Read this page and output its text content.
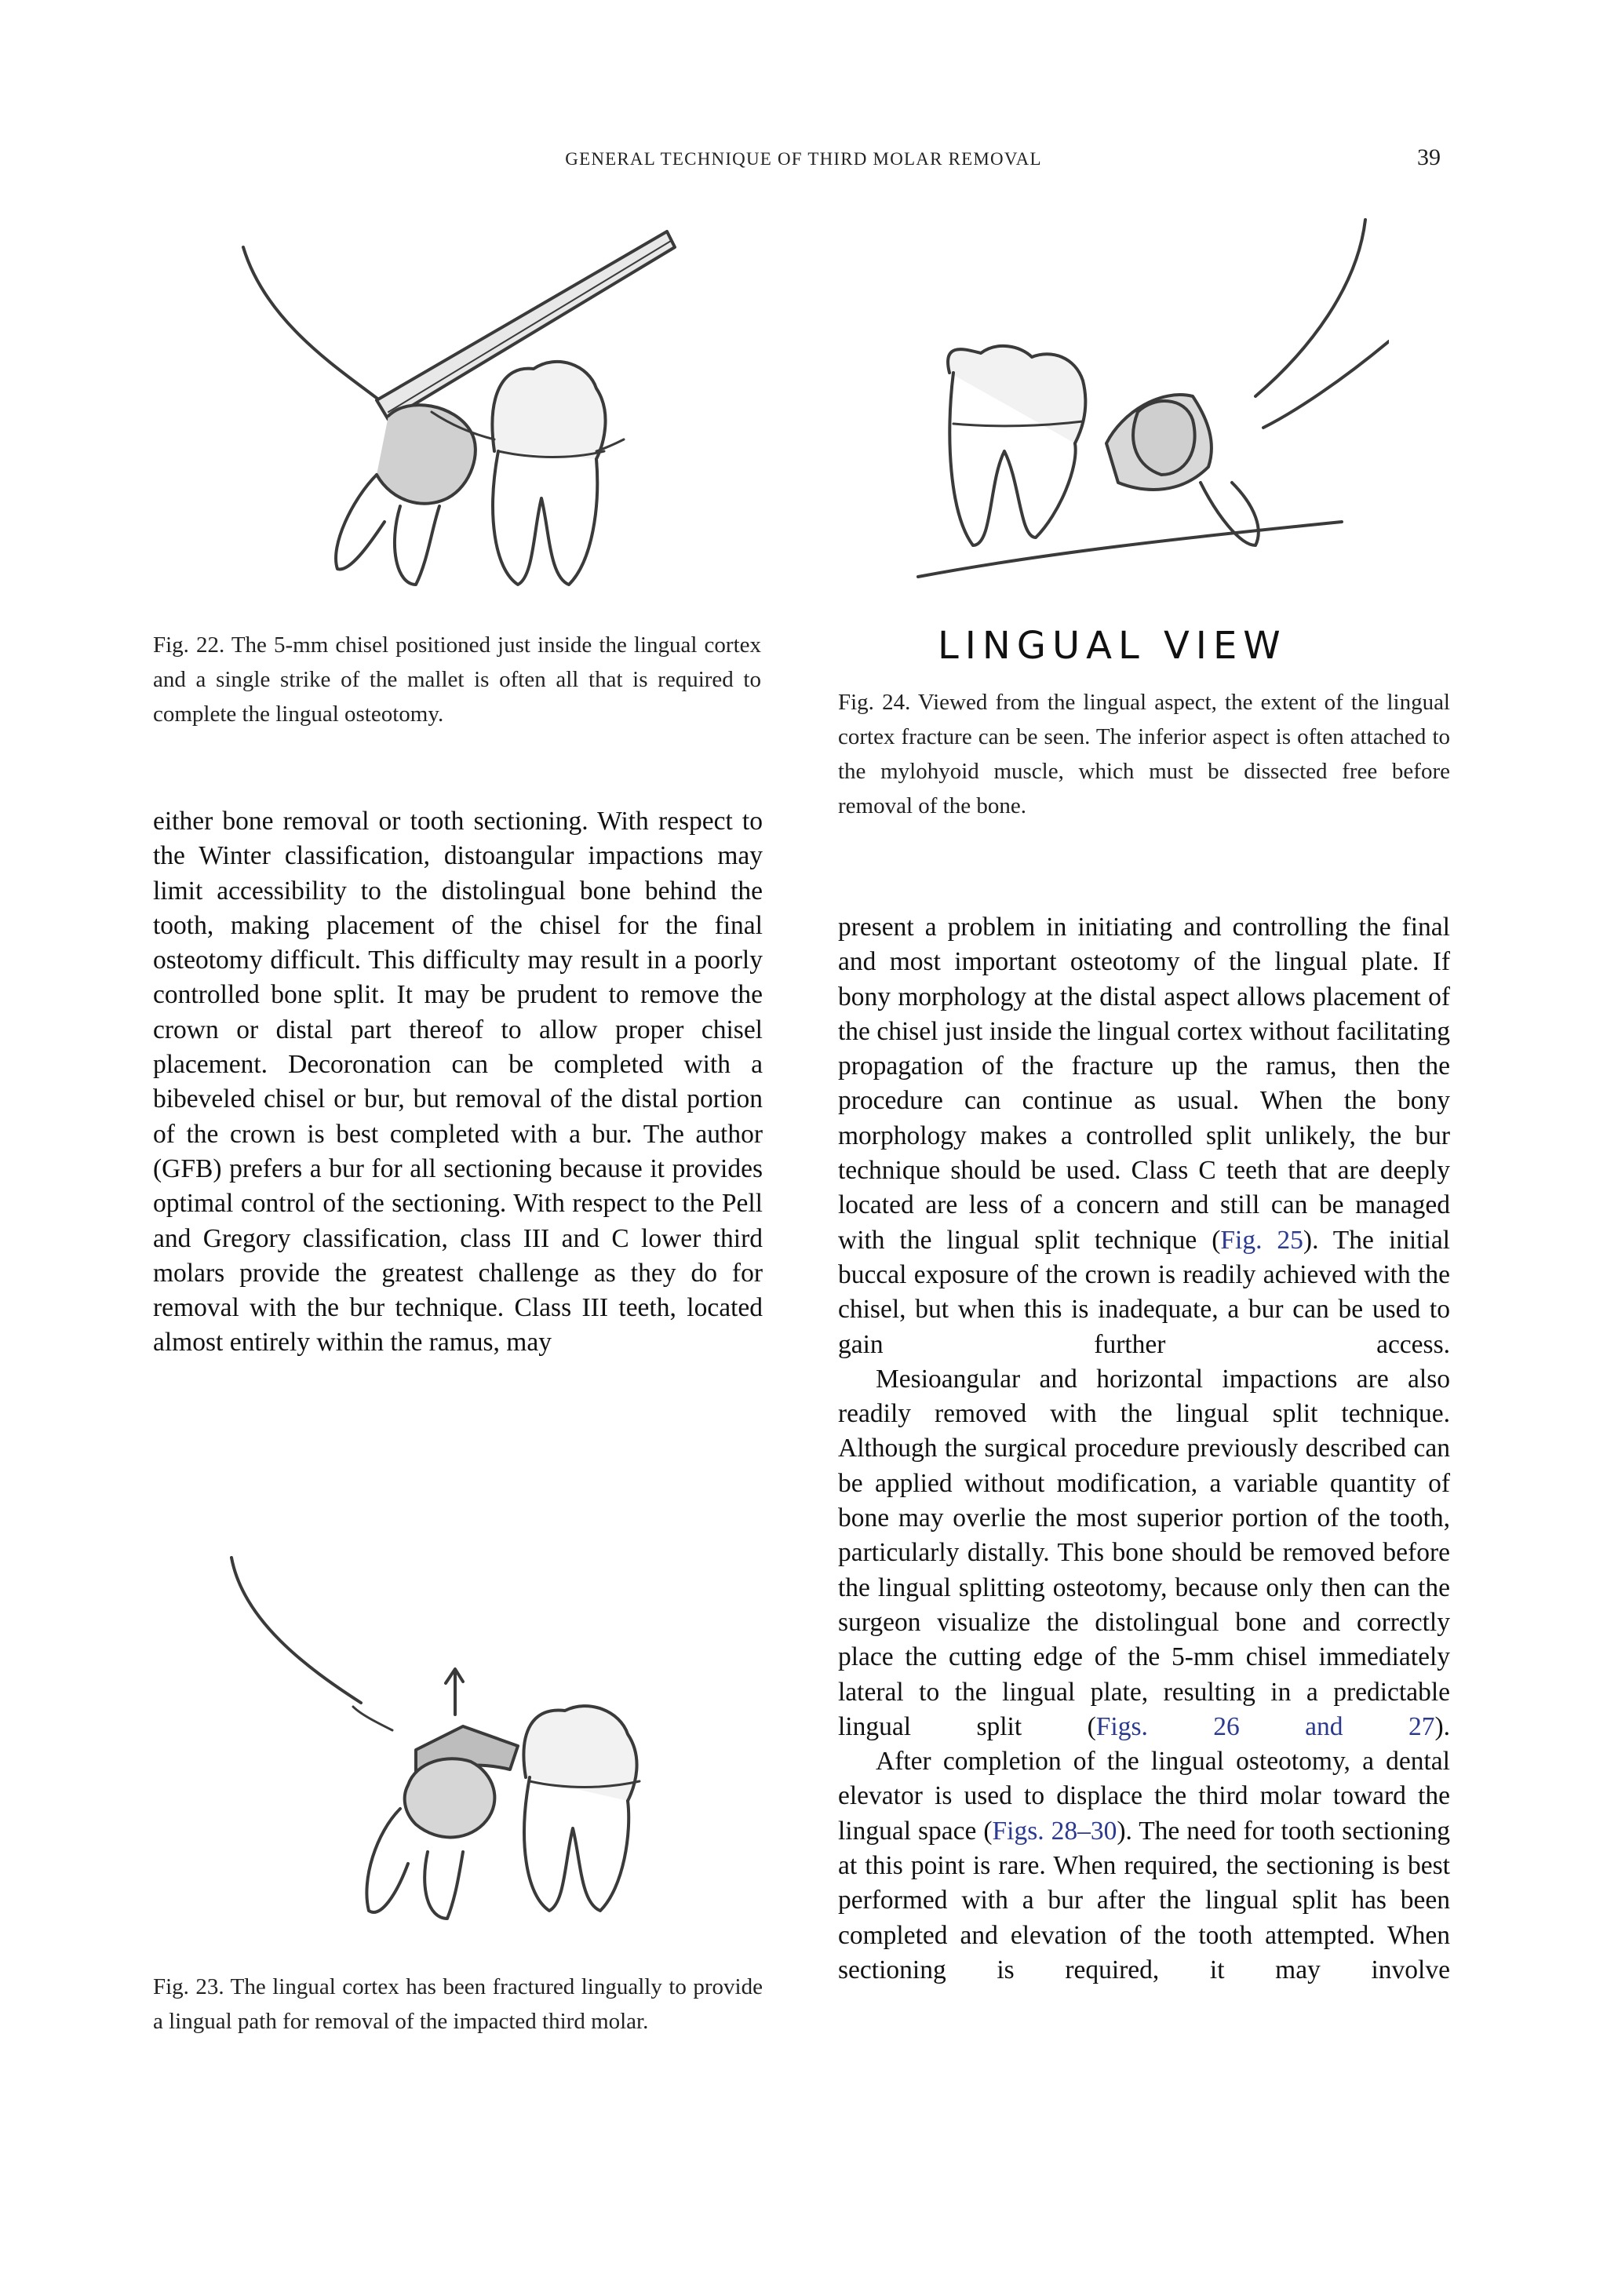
GENERAL TECHNIQUE OF THIRD MOLAR REMOVAL	39
Fig. 22. The 5-mm chisel positioned just inside the lingual cortex and a single strike of the mallet is often all that is required to complete the lingual osteotomy.
LINGUAL VIEW
Fig. 24. Viewed from the lingual aspect, the extent of the lingual cortex fracture can be seen. The inferior aspect is often attached to the mylohyoid muscle, which must be dissected free before removal of the bone.

either bone removal or tooth sectioning. With respect to the Winter classification, distoangular impactions may limit accessibility to the distolingual bone behind the tooth, making placement of the chisel for the final osteotomy difficult. This difficulty may result in a poorly controlled bone split. It may be prudent to remove the crown or distal part thereof to allow proper chisel placement. Decoronation can be completed with a bibeveled chisel or bur, but removal of the distal portion of the crown is best completed with a bur. The author (GFB) prefers a bur for all sectioning because it provides optimal control of the sectioning. With respect to the Pell and Gregory classification, class III and C lower third molars provide the greatest challenge as they do for removal with the bur technique. Class III teeth, located almost entirely within the ramus, may

present a problem in initiating and controlling the final and most important osteotomy of the lingual plate. If bony morphology at the distal aspect allows placement of the chisel just inside the lingual cortex without facilitating propagation of the fracture up the ramus, then the procedure can continue as usual. When the bony morphology makes a controlled split unlikely, the bur technique should be used. Class C teeth that are deeply located are less of a concern and still can be managed with the lingual split technique (Fig. 25). The initial buccal exposure of the crown is readily achieved with the chisel, but when this is inadequate, a bur can be used to gain further access.

Mesioangular and horizontal impactions are also readily removed with the lingual split technique. Although the surgical procedure previously described can be applied without modification, a variable quantity of bone may overlie the most superior portion of the tooth, particularly distally. This bone should be removed before the lingual splitting osteotomy, because only then can the surgeon visualize the distolingual bone and correctly place the cutting edge of the 5-mm chisel immediately lateral to the lingual plate, resulting in a predictable lingual split (Figs. 26 and 27).

After completion of the lingual osteotomy, a dental elevator is used to displace the third molar toward the lingual space (Figs. 28–30). The need for tooth sectioning at this point is rare. When required, the sectioning is best performed with a bur after the lingual split has been completed and elevation of the tooth attempted. When sectioning is required, it may involve

Fig. 23. The lingual cortex has been fractured lingually to provide a lingual path for removal of the impacted third molar.
